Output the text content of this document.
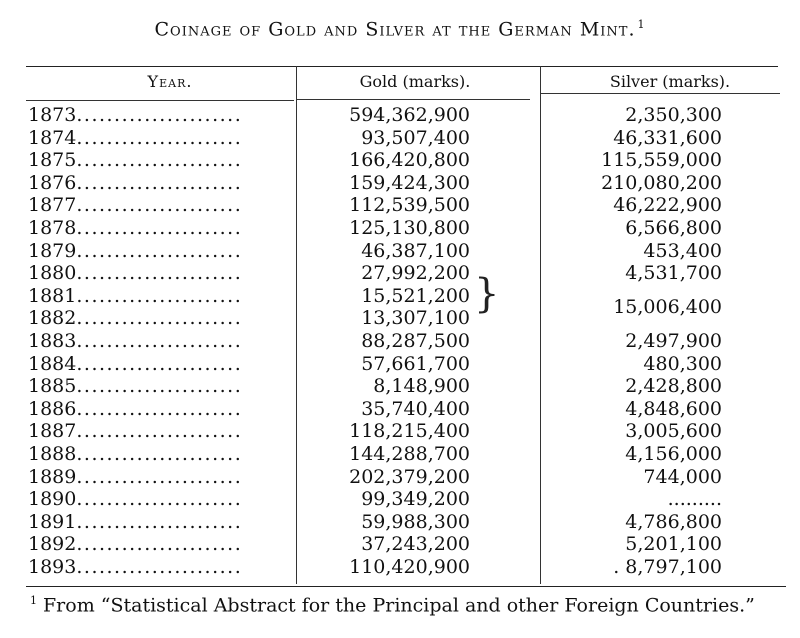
Coinage of Gold and Silver at the German Mint. $^1$
Year.	Gold (marks).	Silver (marks).
1873......................	594,362,900	2,350,300
1874......................	93,507,400	46,331,600
1875......................	166,420,800	115,559,000
1876......................	159,424,300	210,080,200
1877......................	112,539,500	46,222,900
1878......................	125,130,800	6,566,800
1879......................	46,387,100	453,400
1880......................	27,992,200	4,531,700
1881......................	15,521,200	15,006,400
1882......................	13,307,100
1883......................	88,287,500	2,497,900
1884......................	57,661,700	480,300
1885......................	8,148,900	2,428,800
1886......................	35,740,400	4,848,600
1887......................	118,215,400	3,005,600
1888......................	144,288,700	4,156,000
1889......................	202,379,200	744,000
1890......................	99,349,200	.........
1891......................	59,988,300	4,786,800
1892......................	37,243,200	5,201,100
1893......................	110,420,900	. 8,797,100
}
$^1$ From “Statistical Abstract for the Principal and other Foreign Countries.”
